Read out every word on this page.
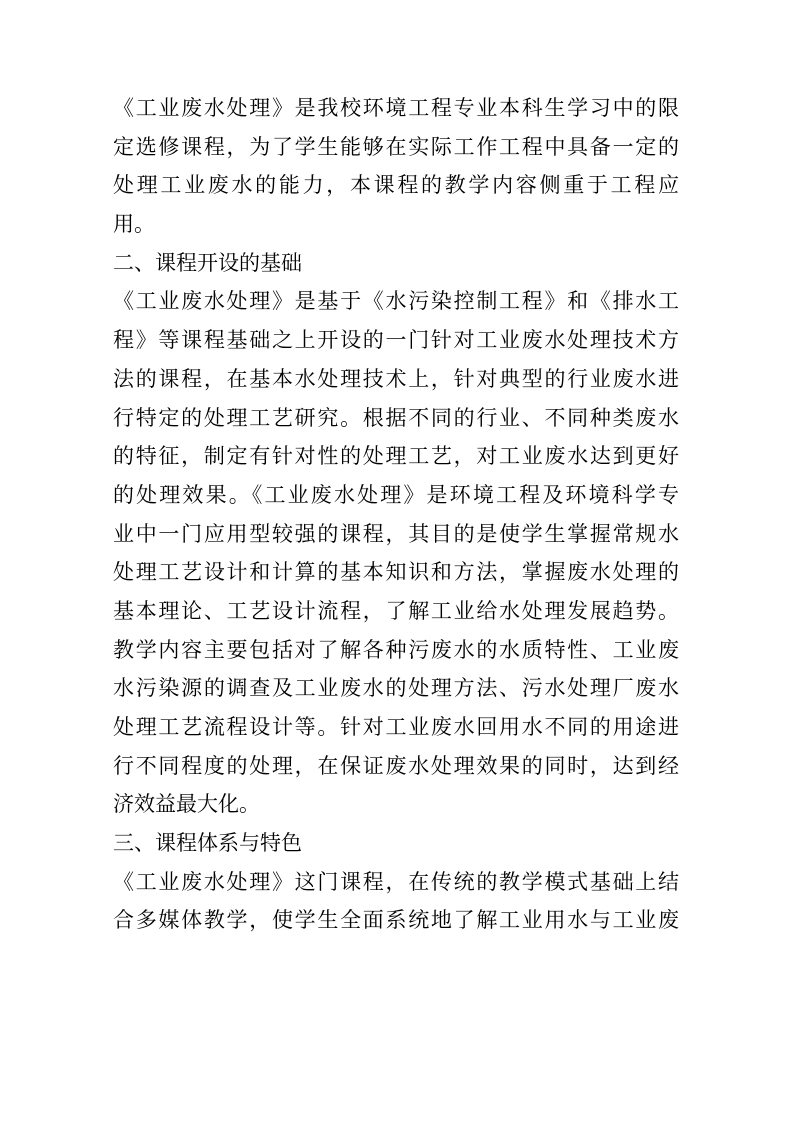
《工业废水处理》是我校环境工程专业本科生学习中的限
定选修课程，为了学生能够在实际工作工程中具备一定的
处理工业废水的能力，本课程的教学内容侧重于工程应
用。
二、课程开设的基础
《工业废水处理》是基于《水污染控制工程》和《排水工
程》等课程基础之上开设的一门针对工业废水处理技术方
法的课程，在基本水处理技术上，针对典型的行业废水进
行特定的处理工艺研究。根据不同的行业、不同种类废水
的特征，制定有针对性的处理工艺，对工业废水达到更好
的处理效果。《工业废水处理》是环境工程及环境科学专
业中一门应用型较强的课程，其目的是使学生掌握常规水
处理工艺设计和计算的基本知识和方法，掌握废水处理的
基本理论、工艺设计流程，了解工业给水处理发展趋势。
教学内容主要包括对了解各种污废水的水质特性、工业废
水污染源的调查及工业废水的处理方法、污水处理厂废水
处理工艺流程设计等。针对工业废水回用水不同的用途进
行不同程度的处理，在保证废水处理效果的同时，达到经
济效益最大化。
三、课程体系与特色
《工业废水处理》这门课程，在传统的教学模式基础上结
合多媒体教学，使学生全面系统地了解工业用水与工业废
